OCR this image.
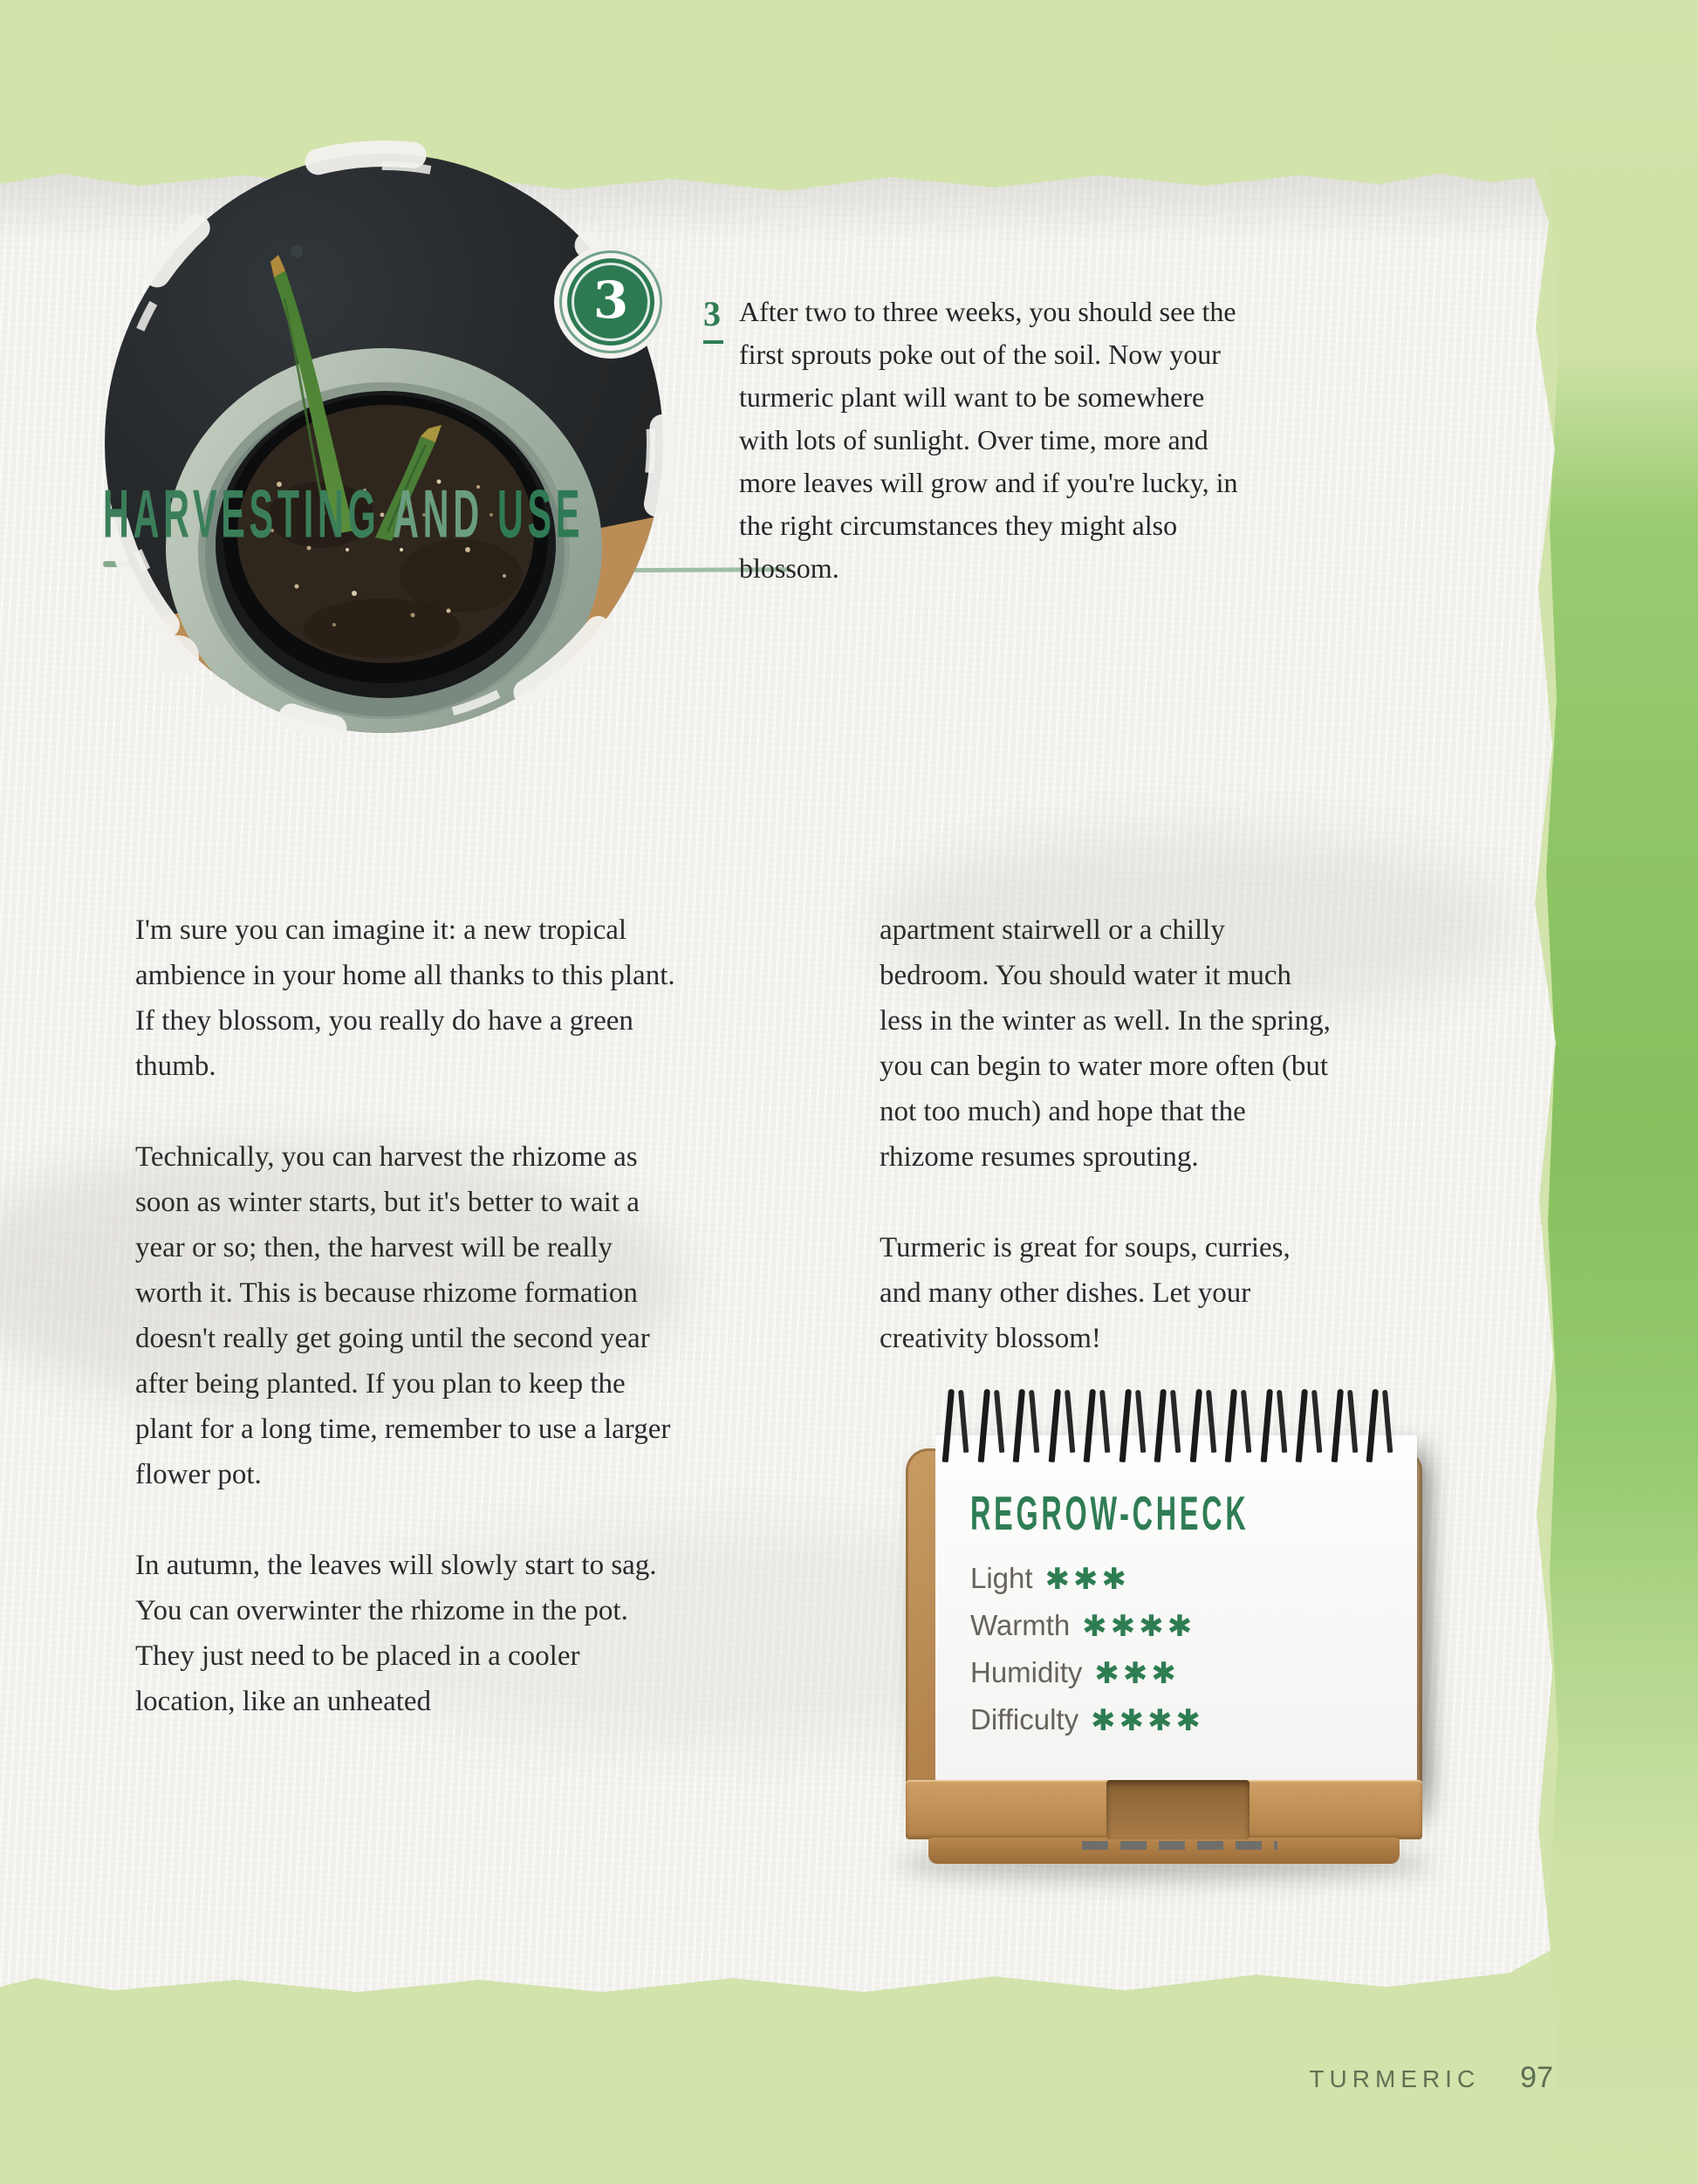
3 3 After two to three weeks, you should see the first sprouts poke out of the soil. Now your turmeric plant will want to be somewhere with lots of sunlight. Over time, more and more leaves will grow and if you're lucky, in the right circumstances they might also blossom.
HARVESTING AND USE

I'm sure you can imagine it: a new tropical ambience in your home all thanks to this plant. If they blossom, you really do have a green thumb.

Technically, you can harvest the rhizome as soon as winter starts, but it's better to wait a year or so; then, the harvest will be really worth it. This is because rhizome formation doesn't really get going until the second year after being planted. If you plan to keep the plant for a long time, remember to use a larger flower pot.

In autumn, the leaves will slowly start to sag. You can overwinter the rhizome in the pot. They just need to be placed in a cooler location, like an unheated

apartment stairwell or a chilly bedroom. You should water it much less in the winter as well. In the spring, you can begin to water more often (but not too much) and hope that the rhizome resumes sprouting.

Turmeric is great for soups, curries, and many other dishes. Let your creativity blossom!

REGROW-CHECK
Light ✱✱✱
Warmth ✱✱✱✱
Humidity ✱✱✱
Difficulty ✱✱✱✱
TURMERIC 97
